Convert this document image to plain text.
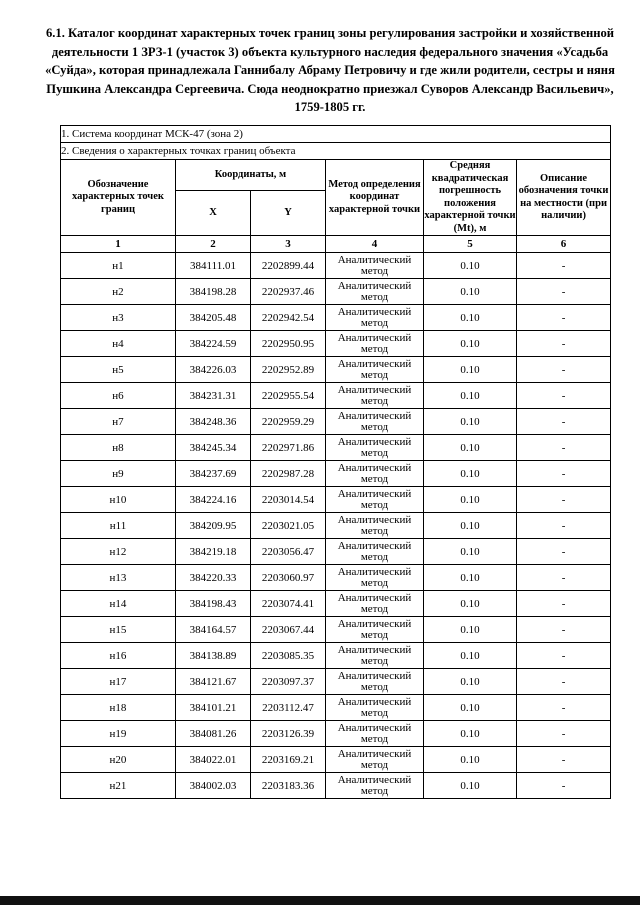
6.1. Каталог координат характерных точек границ зоны регулирования застройки и хозяйственной деятельности 1 ЗРЗ-1 (участок 3) объекта культурного наследия федерального значения «Усадьба «Суйда», которая принадлежала Ганнибалу Абраму Петровичу и где жили родители, сестры и няня Пушкина Александра Сергеевича. Сюда неоднократно приезжал Суворов Александр Васильевич», 1759-1805 гг.
1. Система координат МСК-47 (зона 2)					
2. Сведения о характерных точках границ объекта					
Обозначение характерных точек границ	Координаты, м		Метод определения координат характерной точки	Средняя квадратическая погрешность положения характерной точки (Mt), м	Описание обозначения точки на местности (при наличии)
	X	Y			
1	2	3	4	5	6
н1	384111.01	2202899.44	Аналитический метод	0.10	-
н2	384198.28	2202937.46	Аналитический метод	0.10	-
н3	384205.48	2202942.54	Аналитический метод	0.10	-
н4	384224.59	2202950.95	Аналитический метод	0.10	-
н5	384226.03	2202952.89	Аналитический метод	0.10	-
н6	384231.31	2202955.54	Аналитический метод	0.10	-
н7	384248.36	2202959.29	Аналитический метод	0.10	-
н8	384245.34	2202971.86	Аналитический метод	0.10	-
н9	384237.69	2202987.28	Аналитический метод	0.10	-
н10	384224.16	2203014.54	Аналитический метод	0.10	-
н11	384209.95	2203021.05	Аналитический метод	0.10	-
н12	384219.18	2203056.47	Аналитический метод	0.10	-
н13	384220.33	2203060.97	Аналитический метод	0.10	-
н14	384198.43	2203074.41	Аналитический метод	0.10	-
н15	384164.57	2203067.44	Аналитический метод	0.10	-
н16	384138.89	2203085.35	Аналитический метод	0.10	-
н17	384121.67	2203097.37	Аналитический метод	0.10	-
н18	384101.21	2203112.47	Аналитический метод	0.10	-
н19	384081.26	2203126.39	Аналитический метод	0.10	-
н20	384022.01	2203169.21	Аналитический метод	0.10	-
н21	384002.03	2203183.36	Аналитический метод	0.10	-
